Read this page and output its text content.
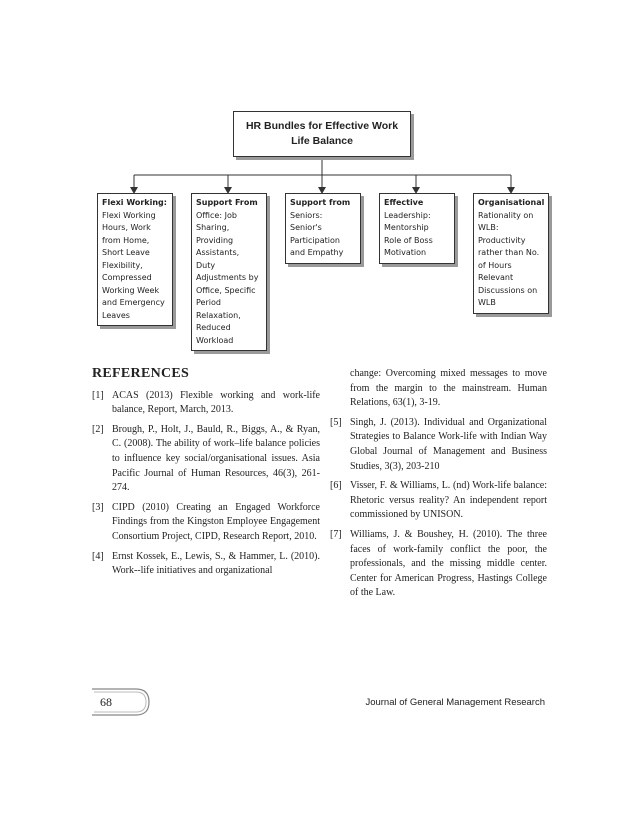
HR Bundles for Effective Work
Life Balance
Flexi Working:
Flexi Working
Hours, Work
from Home,
Short Leave
Flexibility,
Compressed
Working Week
and Emergency
Leaves
Support From
Office: Job
Sharing,
Providing
Assistants,
Duty
Adjustments by
Office, Specific
Period
Relaxation,
Reduced
Workload
Support from
Seniors:
Senior's
Participation
and Empathy
Effective
Leadership:
Mentorship
Role of Boss
Motivation
Organisational
Rationality on
WLB:
Productivity
rather than No.
of Hours
Relevant
Discussions on
WLB
REFERENCES
[1] ACAS (2013) Flexible working and work-life balance, Report, March, 2013.
[2] Brough, P., Holt, J., Bauld, R., Biggs, A., & Ryan, C. (2008). The ability of work–life balance policies to influence key social/organisational issues. Asia Pacific Journal of Human Resources, 46(3), 261-274.
[3] CIPD (2010) Creating an Engaged Workforce Findings from the Kingston Employee Engagement Consortium Project, CIPD, Research Report, 2010.
[4] Ernst Kossek, E., Lewis, S., & Hammer, L. (2010). Work--life initiatives and organizational
change: Overcoming mixed messages to move from the margin to the mainstream. Human Relations, 63(1), 3-19.
[5] Singh, J. (2013). Individual and Organizational Strategies to Balance Work-life with Indian Way Global Journal of Management and Business Studies, 3(3), 203-210
[6] Visser, F. & Williams, L. (nd) Work-life balance: Rhetoric versus reality? An independent report commissioned by UNISON.
[7] Williams, J. & Boushey, H. (2010). The three faces of work-family conflict the poor, the professionals, and the missing middle center. Center for American Progress, Hastings College of the Law.
68	Journal of General Management Research
